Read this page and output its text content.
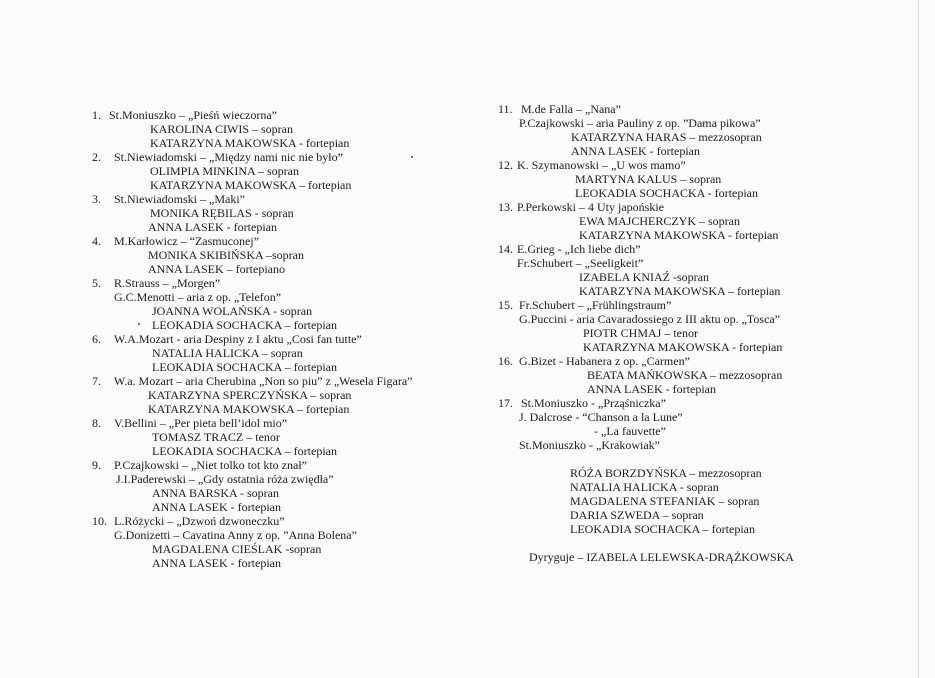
1. St.Moniuszko – „Pieśń wieczorna”
KAROLINA CIWIS – sopran
KATARZYNA MAKOWSKA - fortepian
2. St.Niewiadomski – „Między nami nic nie było”
OLIMPIA MINKINA – sopran
KATARZYNA MAKOWSKA – fortepian
3. St.Niewiadomski – „Maki”
MONIKA RĘBILAS - sopran
ANNA LASEK - fortepian
4. M.Karłowicz – “Zasmuconej”
MONIKA SKIBIŃSKA –sopran
ANNA LASEK – fortepiano
5. R.Strauss – „Morgen”
G.C.Menotti – aria z op. „Telefon”
JOANNA WOLAŃSKA - sopran
LEOKADIA SOCHACKA – fortepian
6. W.A.Mozart - aria Despiny z I aktu „Cosi fan tutte”
NATALIA HALICKA – sopran
LEOKADIA SOCHACKA – fortepian
7. W.a. Mozart – aria Cherubina „Non so piu” z „Wesela Figara”
KATARZYNA SPERCZYŃSKA – sopran
KATARZYNA MAKOWSKA – fortepian
8. V.Bellini – „Per pieta bell’idol mio”
TOMASZ TRACZ – tenor
LEOKADIA SOCHACKA – fortepian
9. P.Czajkowski – „Niet tolko tot kto znał”
J.I.Paderewski – „Gdy ostatnia róża zwiędła”
ANNA BARSKA - sopran
ANNA LASEK - fortepian
10. L.Różycki – „Dzwoń dzwoneczku”
G.Donizetti – Cavatina Anny z op. ”Anna Bolena”
MAGDALENA CIEŚLAK -sopran
ANNA LASEK - fortepian
11. M.de Falla – „Nana”
P.Czajkowski – aria Pauliny z op. ”Dama pikowa”
KATARZYNA HARAS – mezzosopran
ANNA LASEK - fortepian
12. K. Szymanowski – „U wos mamo”
MARTYNA KALUS – sopran
LEOKADIA SOCHACKA - fortepian
13. P.Perkowski – 4 Uty japońskie
EWA MAJCHERCZYK – sopran
KATARZYNA MAKOWSKA - fortepian
14. E.Grieg - „Ich liebe dich”
Fr.Schubert – „Seeligkeit”
IZABELA KNIAŹ -sopran
KATARZYNA MAKOWSKA – fortepian
15. Fr.Schubert – „Frühlingstraum”
G.Puccini - aria Cavaradossiego z III aktu op. „Tosca”
PIOTR CHMAJ – tenor
KATARZYNA MAKOWSKA - fortepian
16. G.Bizet - Habanera z op. „Carmen”
BEATA MAŃKOWSKA – mezzosopran
ANNA LASEK - fortepian
17. St.Moniuszko - „Prząśniczka”
J. Dalcrose - “Chanson a la Lune”
- „La fauvette”
St.Moniuszko - „Krakowiak”
RÓŻA BORZDYŃSKA – mezzosopran
NATALIA HALICKA - sopran
MAGDALENA STEFANIAK – sopran
DARIA SZWEDA – sopran
LEOKADIA SOCHACKA – fortepian
Dyryguje – IZABELA LELEWSKA-DRĄŻKOWSKA
